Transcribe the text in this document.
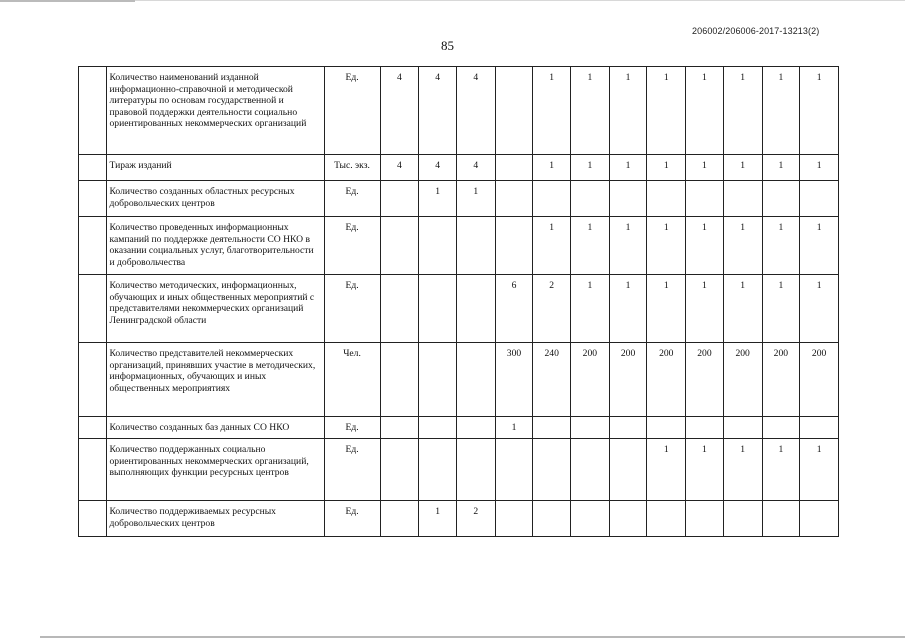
206002/206006-2017-13213(2)
85
	Количество наименований изданной информационно-справочной и методической литературы по основам государственной и правовой поддержки деятельности социально ориентированных некоммерческих организаций	Ед.	4	4	4		1	1	1	1	1	1	1	1
	Тираж изданий	Тыс. экз.	4	4	4		1	1	1	1	1	1	1	1
	Количество созданных областных ресурсных добровольческих центров	Ед.		1	1									
	Количество проведенных информационных кампаний по поддержке деятельности СО НКО в оказании социальных услуг, благотворительности и добровольчества	Ед.					1	1	1	1	1	1	1	1
	Количество методических, информационных, обучающих и иных общественных мероприятий с представителями некоммерческих организаций Ленинградской области	Ед.				6	2	1	1	1	1	1	1	1
	Количество представителей некоммерческих организаций, принявших участие в методических, информационных, обучающих и иных общественных мероприятиях	Чел.				300	240	200	200	200	200	200	200	200
	Количество созданных баз данных СО НКО	Ед.				1								
	Количество поддержанных социально ориентированных некоммерческих организаций, выполняющих функции ресурсных центров	Ед.								1	1	1	1	1
	Количество поддерживаемых ресурсных добровольческих центров	Ед.		1	2									
